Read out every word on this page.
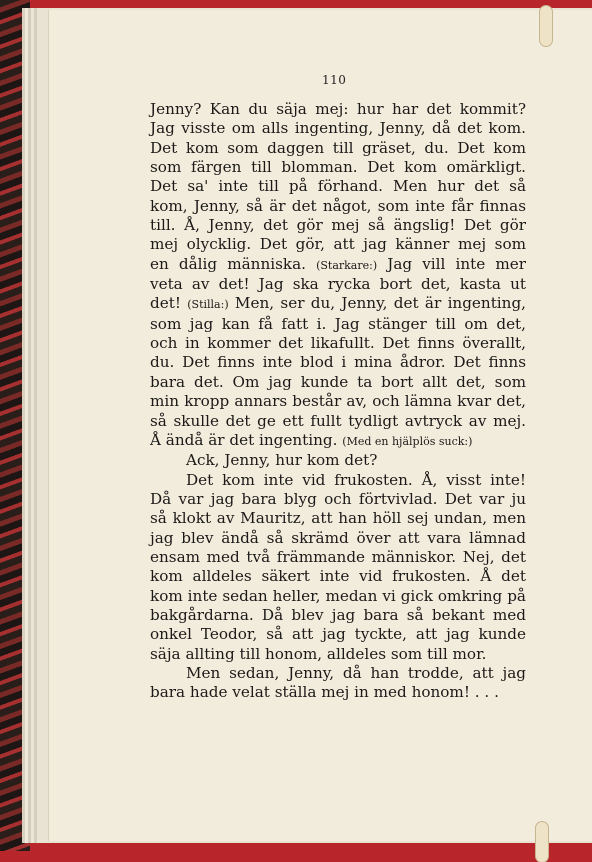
110
Jenny? Kan du säja mej: hur har det kommit?
Jag visste om alls ingenting, Jenny, då det kom.
Det kom som daggen till gräset, du. Det kom
som färgen till blomman. Det kom omärkligt.
Det sa' inte till på förhand. Men hur det så
kom, Jenny, så är det något, som inte får finnas
till. Å, Jenny, det gör mej så ängslig! Det gör
mej olycklig. Det gör, att jag känner mej som
en dålig människa. (Starkare:) Jag vill inte mer
veta av det! Jag ska rycka bort det, kasta ut
det! (Stilla:) Men, ser du, Jenny, det är ingenting,
som jag kan få fatt i. Jag stänger till om det,
och in kommer det likafullt. Det finns överallt,
du. Det finns inte blod i mina ådror. Det finns
bara det. Om jag kunde ta bort allt det, som
min kropp annars består av, och lämna kvar det,
så skulle det ge ett fullt tydligt avtryck av mej.
Å ändå är det ingenting. (Med en hjälplös suck:)
Ack, Jenny, hur kom det?
Det kom inte vid frukosten. Å, visst inte!
Då var jag bara blyg och förtvivlad. Det var ju
så klokt av Mauritz, att han höll sej undan, men
jag blev ändå så skrämd över att vara lämnad
ensam med två främmande människor. Nej, det
kom alldeles säkert inte vid frukosten. Å det
kom inte sedan heller, medan vi gick omkring på
bakgårdarna. Då blev jag bara så bekant med
onkel Teodor, så att jag tyckte, att jag kunde
säja allting till honom, alldeles som till mor.
Men sedan, Jenny, då han trodde, att jag
bara hade velat ställa mej in med honom! . . .
